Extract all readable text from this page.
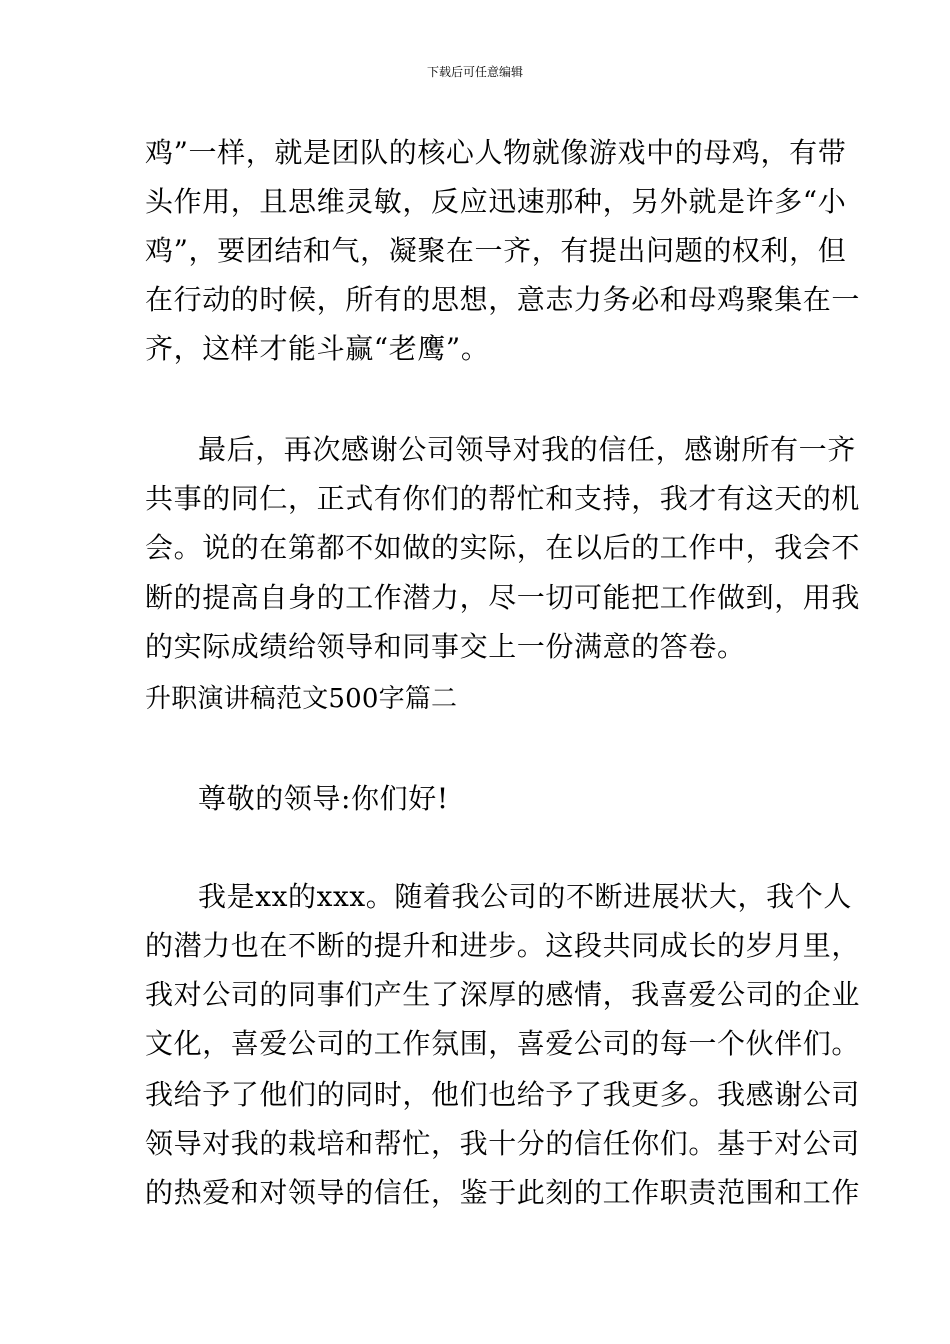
下载后可任意编辑
鸡”一样，就是团队的核心人物就像游戏中的母鸡，有带
头作用，且思维灵敏，反应迅速那种，另外就是许多“小
鸡”，要团结和气，凝聚在一齐，有提出问题的权利，但
在行动的时候，所有的思想，意志力务必和母鸡聚集在一
齐，这样才能斗赢“老鹰”。
最后，再次感谢公司领导对我的信任，感谢所有一齐
共事的同仁，正式有你们的帮忙和支持，我才有这天的机
会。说的在第都不如做的实际，在以后的工作中，我会不
断的提高自身的工作潜力，尽一切可能把工作做到，用我
的实际成绩给领导和同事交上一份满意的答卷。
升职演讲稿范文500字篇二
尊敬的领导:你们好!
我是xx的xxx。随着我公司的不断进展状大，我个人
的潜力也在不断的提升和进步。这段共同成长的岁月里，
我对公司的同事们产生了深厚的感情，我喜爱公司的企业
文化，喜爱公司的工作氛围，喜爱公司的每一个伙伴们。
我给予了他们的同时，他们也给予了我更多。我感谢公司
领导对我的栽培和帮忙，我十分的信任你们。基于对公司
的热爱和对领导的信任，鉴于此刻的工作职责范围和工作
